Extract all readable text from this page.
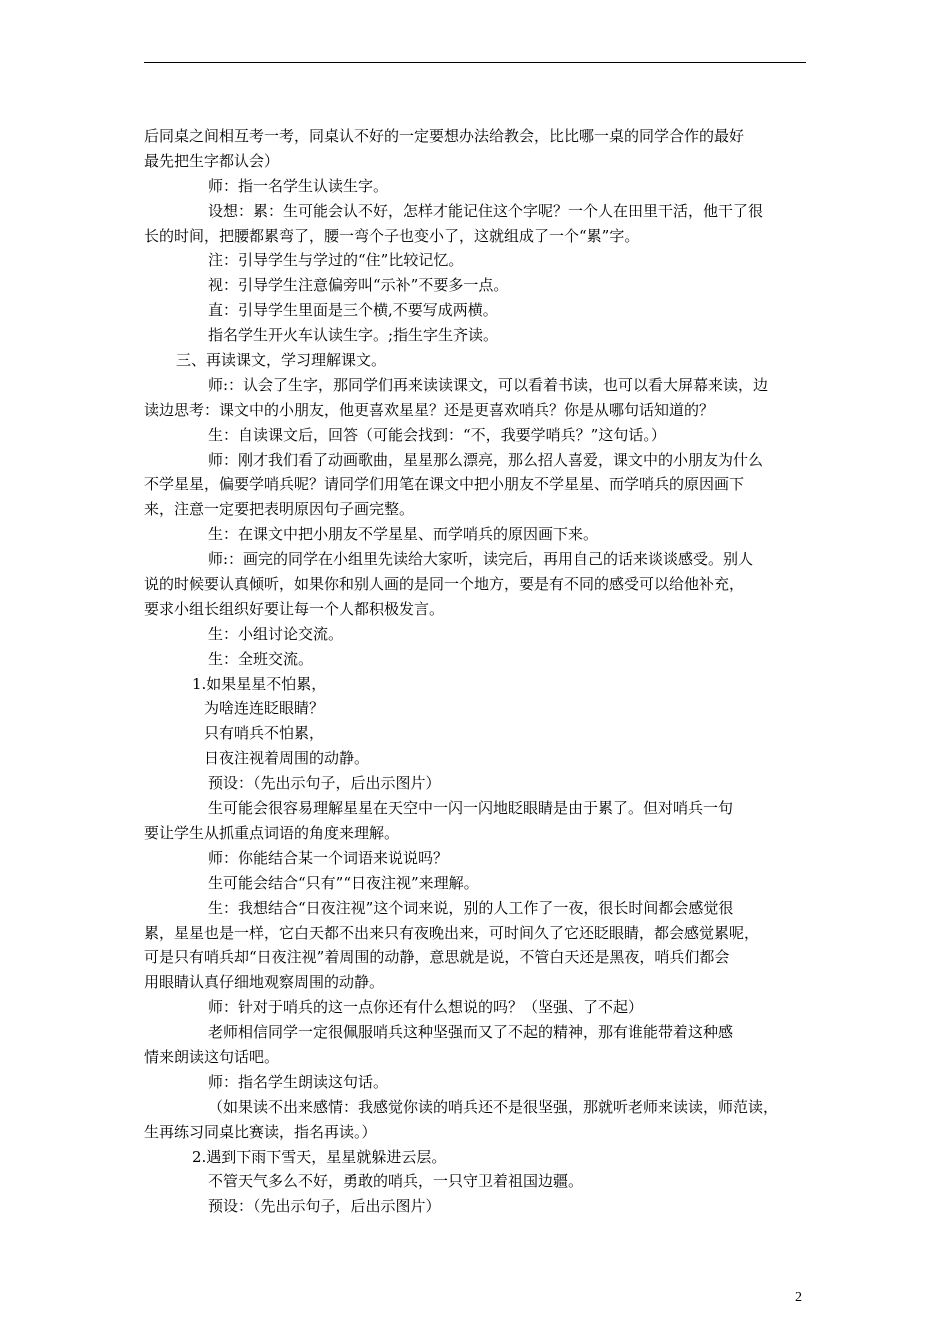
后同桌之间相互考一考，同桌认不好的一定要想办法给教会，比比哪一桌的同学合作的最好
最先把生字都认会）
师：指一名学生认读生字。
设想：累：生可能会认不好，怎样才能记住这个字呢？一个人在田里干活，他干了很
长的时间，把腰都累弯了，腰一弯个子也变小了，这就组成了一个“累”字。
注：引导学生与学过的“住”比较记忆。
视：引导学生注意偏旁叫“示补”不要多一点。
直：引导学生里面是三个横,不要写成两横。
指名学生开火车认读生字。;指生字生齐读。
三、再读课文，学习理解课文。
师:：认会了生字，那同学们再来读读课文，可以看着书读，也可以看大屏幕来读，边
读边思考：课文中的小朋友，他更喜欢星星？还是更喜欢哨兵？你是从哪句话知道的？
生：自读课文后，回答（可能会找到：“不，我要学哨兵？”这句话。）
师：刚才我们看了动画歌曲，星星那么漂亮，那么招人喜爱，课文中的小朋友为什么
不学星星，偏要学哨兵呢？请同学们用笔在课文中把小朋友不学星星、而学哨兵的原因画下
来，注意一定要把表明原因句子画完整。
生：在课文中把小朋友不学星星、而学哨兵的原因画下来。
师:：画完的同学在小组里先读给大家听，读完后，再用自己的话来谈谈感受。别人
说的时候要认真倾听，如果你和别人画的是同一个地方，要是有不同的感受可以给他补充，
要求小组长组织好要让每一个人都积极发言。
生：小组讨论交流。
生：全班交流。
1.如果星星不怕累，
为啥连连眨眼睛？
只有哨兵不怕累，
日夜注视着周围的动静。
预设：（先出示句子，后出示图片）
生可能会很容易理解星星在天空中一闪一闪地眨眼睛是由于累了。但对哨兵一句
要让学生从抓重点词语的角度来理解。
师：你能结合某一个词语来说说吗？
生可能会结合“只有”“日夜注视”来理解。
生：我想结合“日夜注视”这个词来说，别的人工作了一夜，很长时间都会感觉很
累，星星也是一样，它白天都不出来只有夜晚出来，可时间久了它还眨眼睛，都会感觉累呢，
可是只有哨兵却“日夜注视”着周围的动静，意思就是说，不管白天还是黑夜，哨兵们都会
用眼睛认真仔细地观察周围的动静。
师：针对于哨兵的这一点你还有什么想说的吗？（坚强、了不起）
老师相信同学一定很佩服哨兵这种坚强而又了不起的精神，那有谁能带着这种感
情来朗读这句话吧。
师：指名学生朗读这句话。
（如果读不出来感情：我感觉你读的哨兵还不是很坚强，那就听老师来读读，师范读，
生再练习同桌比赛读，指名再读。）
2.遇到下雨下雪天，星星就躲进云层。
不管天气多么不好，勇敢的哨兵，一只守卫着祖国边疆。
预设：（先出示句子，后出示图片）
2
